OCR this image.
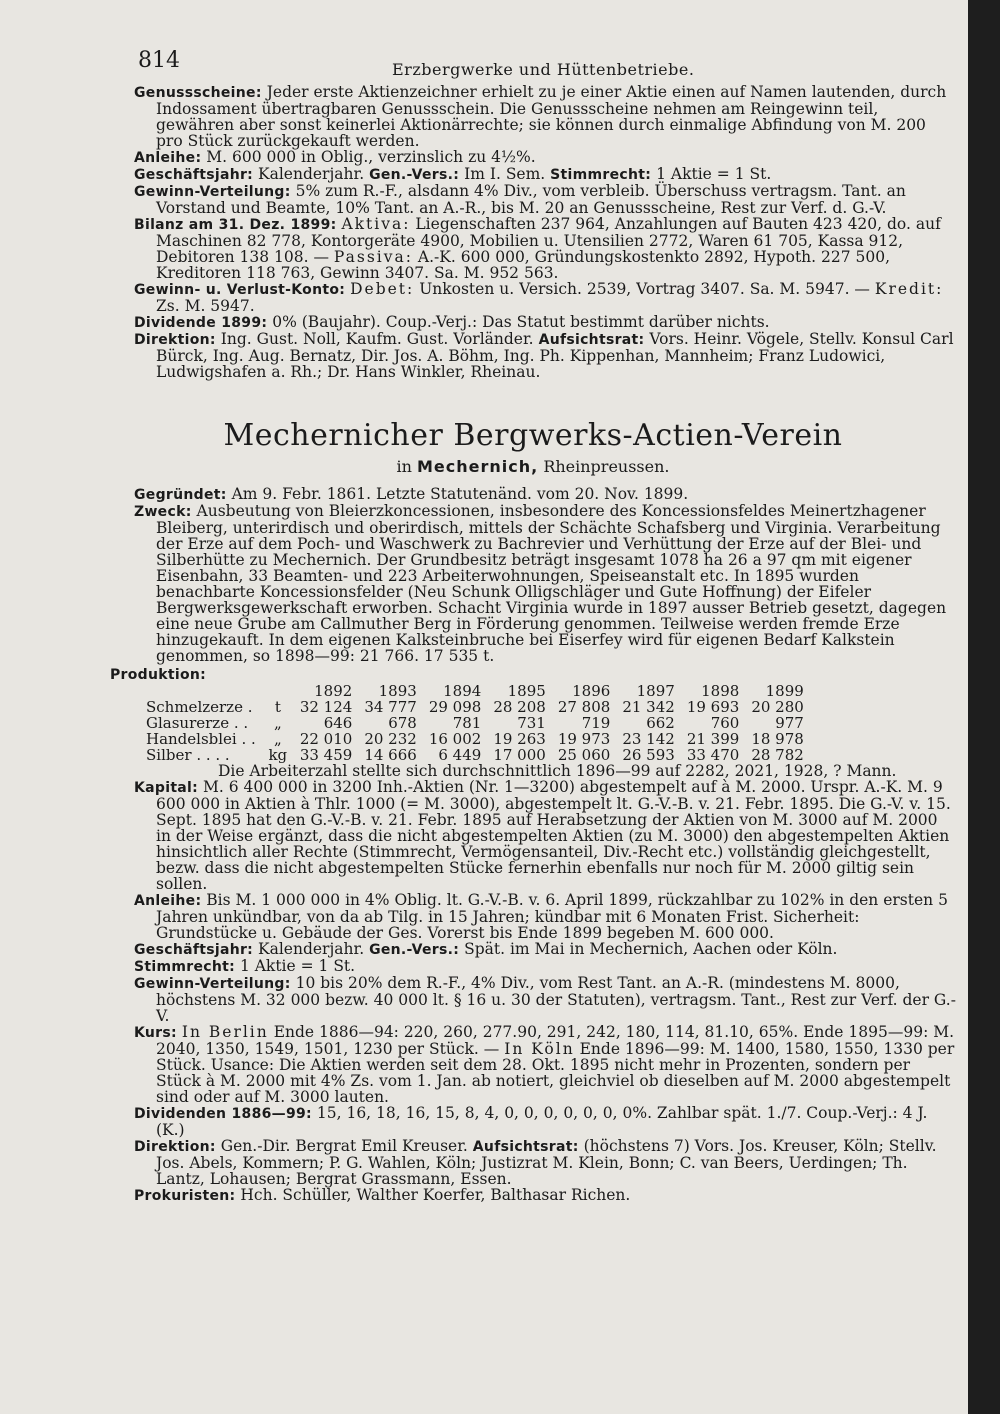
814	Erzbergwerke und Hüttenbetriebe.

Genussscheine: Jeder erste Aktienzeichner erhielt zu je einer Aktie einen auf Namen lautenden, durch Indossament übertragbaren Genussschein. Die Genussscheine nehmen am Reingewinn teil, gewähren aber sonst keinerlei Aktionärrechte; sie können durch einmalige Abfindung von M. 200 pro Stück zurückgekauft werden.

Anleihe: M. 600 000 in Oblig., verzinslich zu 4½%.

Geschäftsjahr: Kalenderjahr. Gen.-Vers.: Im I. Sem. Stimmrecht: 1 Aktie = 1 St.

Gewinn-Verteilung: 5% zum R.-F., alsdann 4% Div., vom verbleib. Überschuss vertragsm. Tant. an Vorstand und Beamte, 10% Tant. an A.-R., bis M. 20 an Genussscheine, Rest zur Verf. d. G.-V.

Bilanz am 31. Dez. 1899: Aktiva: Liegenschaften 237 964, Anzahlungen auf Bauten 423 420, do. auf Maschinen 82 778, Kontorgeräte 4900, Mobilien u. Utensilien 2772, Waren 61 705, Kassa 912, Debitoren 138 108. — Passiva: A.-K. 600 000, Gründungskostenkto 2892, Hypoth. 227 500, Kreditoren 118 763, Gewinn 3407. Sa. M. 952 563.

Gewinn- u. Verlust-Konto: Debet: Unkosten u. Versich. 2539, Vortrag 3407. Sa. M. 5947. — Kredit: Zs. M. 5947.

Dividende 1899: 0% (Baujahr). Coup.-Verj.: Das Statut bestimmt darüber nichts.

Direktion: Ing. Gust. Noll, Kaufm. Gust. Vorländer. Aufsichtsrat: Vors. Heinr. Vögele, Stellv. Konsul Carl Bürck, Ing. Aug. Bernatz, Dir. Jos. A. Böhm, Ing. Ph. Kippenhan, Mannheim; Franz Ludowici, Ludwigshafen a. Rh.; Dr. Hans Winkler, Rheinau.

Mechernicher Bergwerks-Actien-Verein
in Mechernich, Rheinpreussen.

Gegründet: Am 9. Febr. 1861. Letzte Statutenänd. vom 20. Nov. 1899.

Zweck: Ausbeutung von Bleierzkoncessionen, insbesondere des Koncessionsfeldes Meinertzhagener Bleiberg, unterirdisch und oberirdisch, mittels der Schächte Schafsberg und Virginia. Verarbeitung der Erze auf dem Poch- und Waschwerk zu Bachrevier und Verhüttung der Erze auf der Blei- und Silberhütte zu Mechernich. Der Grundbesitz beträgt insgesamt 1078 ha 26 a 97 qm mit eigener Eisenbahn, 33 Beamten- und 223 Arbeiterwohnungen, Speiseanstalt etc. In 1895 wurden benachbarte Koncessionsfelder (Neu Schunk Olligschläger und Gute Hoffnung) der Eifeler Bergwerksgewerkschaft erworben. Schacht Virginia wurde in 1897 ausser Betrieb gesetzt, dagegen eine neue Grube am Callmuther Berg in Förderung genommen. Teilweise werden fremde Erze hinzugekauft. In dem eigenen Kalksteinbruche bei Eiserfey wird für eigenen Bedarf Kalkstein genommen, so 1898—99: 21 766. 17 535 t.

Produktion:
		1892	1893	1894	1895	1896	1897	1898	1899
Schmelzerze .	t	32 124	34 777	29 098	28 208	27 808	21 342	19 693	20 280
Glasurerze . .	„	646	678	781	731	719	662	760	977
Handelsblei . .	„	22 010	20 232	16 002	19 263	19 973	23 142	21 399	18 978
Silber . . . .	kg	33 459	14 666	6 449	17 000	25 060	26 593	33 470	28 782

Die Arbeiterzahl stellte sich durchschnittlich 1896—99 auf 2282, 2021, 1928, ? Mann.

Kapital: M. 6 400 000 in 3200 Inh.-Aktien (Nr. 1—3200) abgestempelt auf à M. 2000. Urspr. A.-K. M. 9 600 000 in Aktien à Thlr. 1000 (= M. 3000), abgestempelt lt. G.-V.-B. v. 21. Febr. 1895. Die G.-V. v. 15. Sept. 1895 hat den G.-V.-B. v. 21. Febr. 1895 auf Herabsetzung der Aktien von M. 3000 auf M. 2000 in der Weise ergänzt, dass die nicht abgestempelten Aktien (zu M. 3000) den abgestempelten Aktien hinsichtlich aller Rechte (Stimmrecht, Vermögensanteil, Div.-Recht etc.) vollständig gleichgestellt, bezw. dass die nicht abgestempelten Stücke fernerhin ebenfalls nur noch für M. 2000 giltig sein sollen.

Anleihe: Bis M. 1 000 000 in 4% Oblig. lt. G.-V.-B. v. 6. April 1899, rückzahlbar zu 102% in den ersten 5 Jahren unkündbar, von da ab Tilg. in 15 Jahren; kündbar mit 6 Monaten Frist. Sicherheit: Grundstücke u. Gebäude der Ges. Vorerst bis Ende 1899 begeben M. 600 000.

Geschäftsjahr: Kalenderjahr. Gen.-Vers.: Spät. im Mai in Mechernich, Aachen oder Köln.

Stimmrecht: 1 Aktie = 1 St.

Gewinn-Verteilung: 10 bis 20% dem R.-F., 4% Div., vom Rest Tant. an A.-R. (mindestens M. 8000, höchstens M. 32 000 bezw. 40 000 lt. § 16 u. 30 der Statuten), vertragsm. Tant., Rest zur Verf. der G.-V.

Kurs: In Berlin Ende 1886—94: 220, 260, 277.90, 291, 242, 180, 114, 81.10, 65%. Ende 1895—99: M. 2040, 1350, 1549, 1501, 1230 per Stück. — In Köln Ende 1896—99: M. 1400, 1580, 1550, 1330 per Stück. Usance: Die Aktien werden seit dem 28. Okt. 1895 nicht mehr in Prozenten, sondern per Stück à M. 2000 mit 4% Zs. vom 1. Jan. ab notiert, gleichviel ob dieselben auf M. 2000 abgestempelt sind oder auf M. 3000 lauten.

Dividenden 1886—99: 15, 16, 18, 16, 15, 8, 4, 0, 0, 0, 0, 0, 0, 0%. Zahlbar spät. 1./7. Coup.-Verj.: 4 J. (K.)

Direktion: Gen.-Dir. Bergrat Emil Kreuser. Aufsichtsrat: (höchstens 7) Vors. Jos. Kreuser, Köln; Stellv. Jos. Abels, Kommern; P. G. Wahlen, Köln; Justizrat M. Klein, Bonn; C. van Beers, Uerdingen; Th. Lantz, Lohausen; Bergrat Grassmann, Essen.

Prokuristen: Hch. Schüller, Walther Koerfer, Balthasar Richen.
